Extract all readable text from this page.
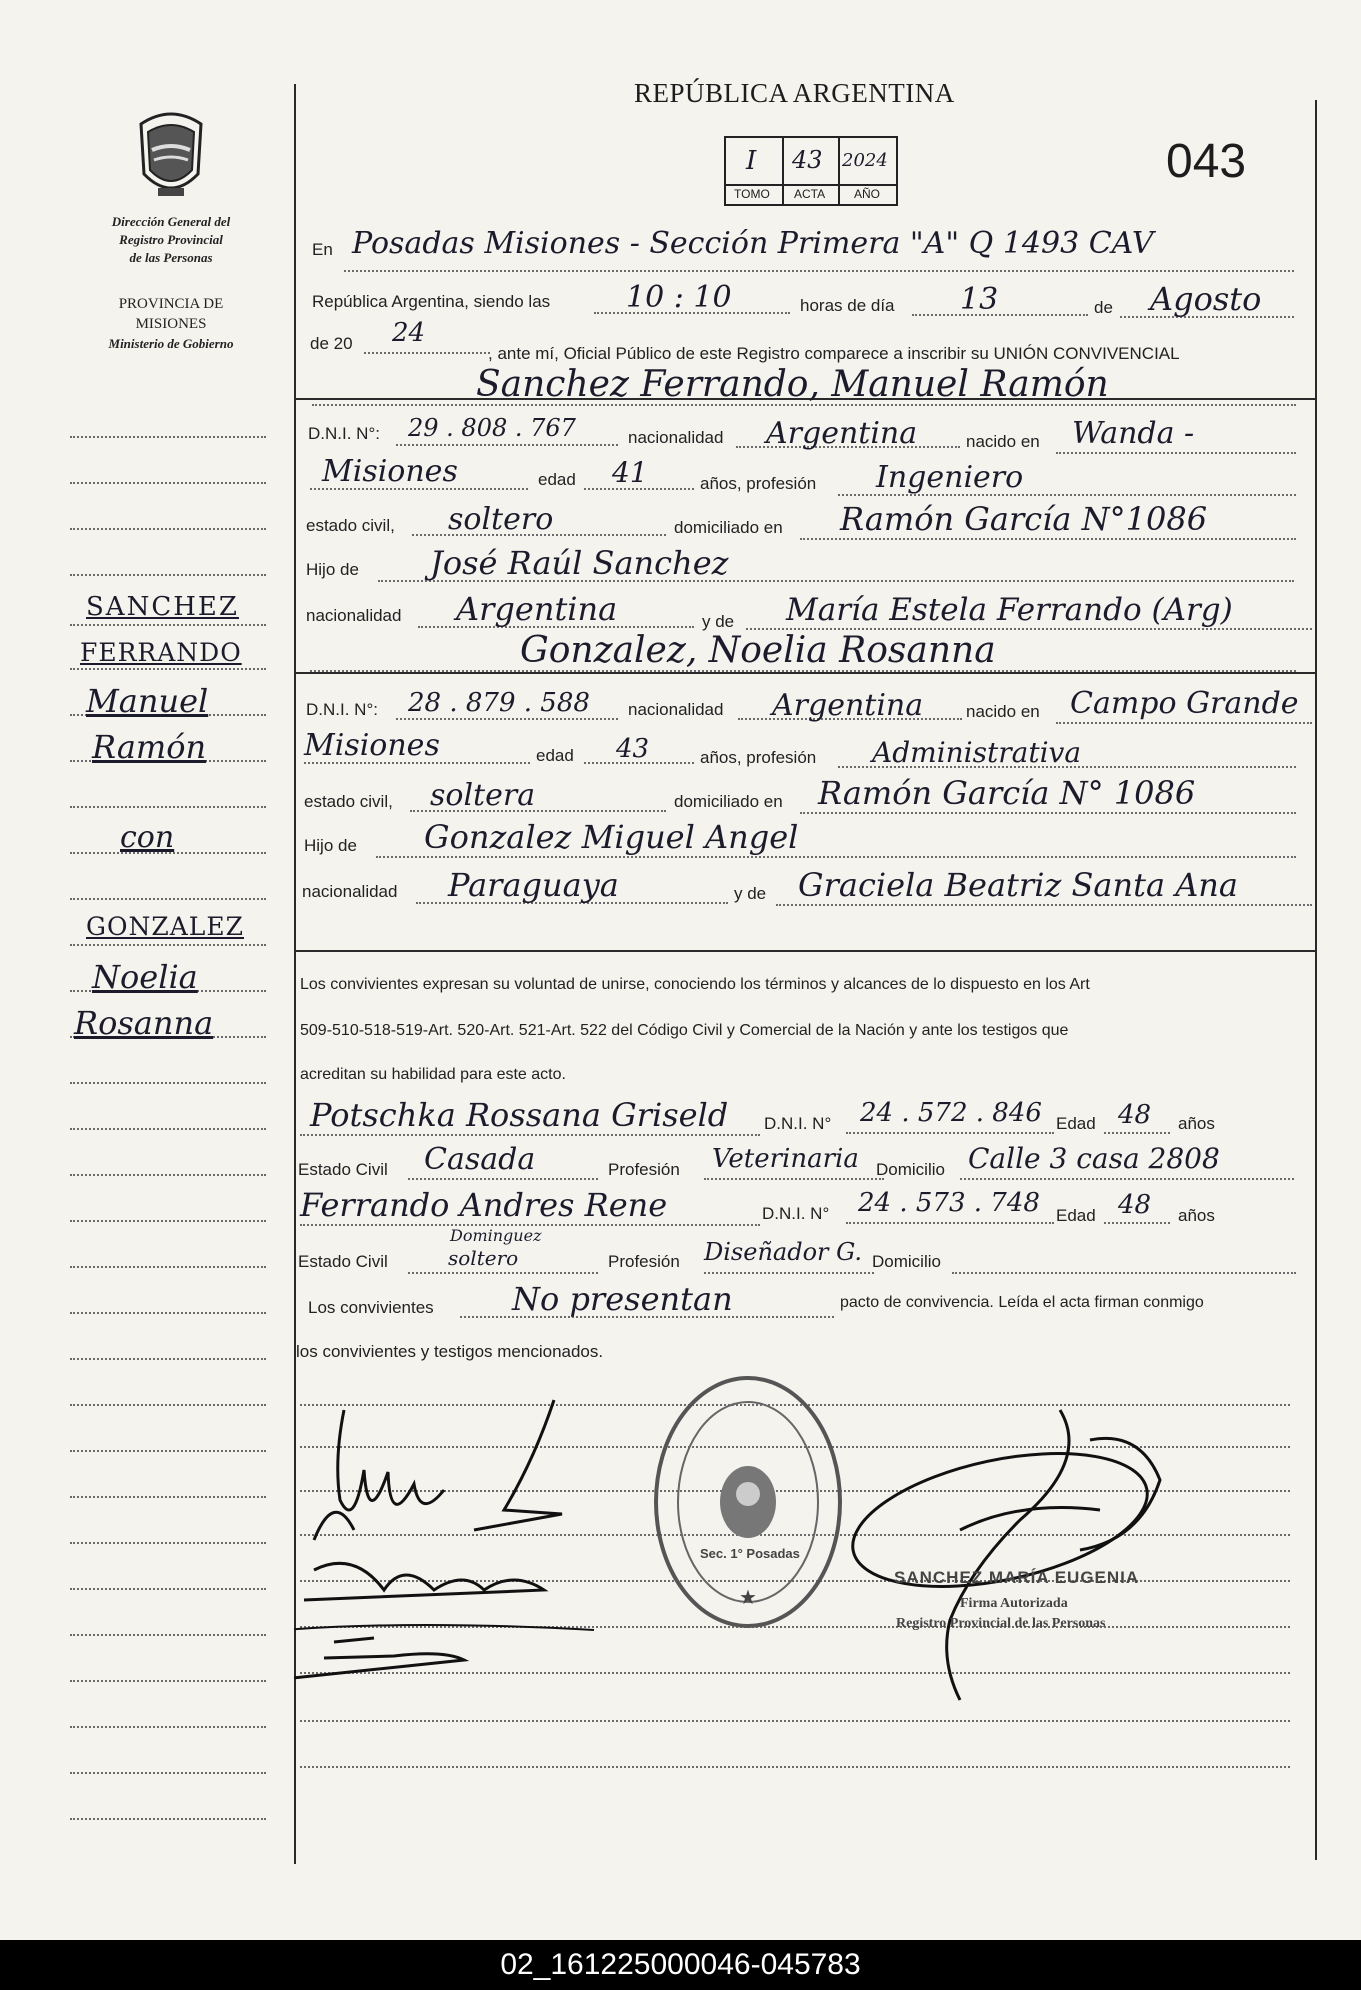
REPÚBLICA ARGENTINA
043
I 43 2024
TOMO ACTA AÑO
Dirección General del
Registro Provincial
de las Personas
PROVINCIA DE
MISIONES
Ministerio de Gobierno
SANCHEZ
FERRANDO
Manuel
Ramón
con
GONZALEZ
Noelia
Rosanna
En Posadas Misiones - Sección Primera "A" Q 1493 CAV
República Argentina, siendo las	10 : 10	horas de día 13	de Agosto
de 20 24
, ante mí, Oficial Público de este Registro comparece a inscribir su UNIÓN CONVIVENCIAL
Sanchez Ferrando, Manuel Ramón
D.N.I. N°: 29 . 808 . 767	nacionalidad Argentina	nacido en Wanda -
Misiones	edad 41	años, profesión Ingeniero
estado civil, soltero	domiciliado en Ramón García N°1086
Hijo de José Raúl Sanchez
nacionalidad Argentina	y de María Estela Ferrando (Arg)
Gonzalez, Noelia Rosanna
D.N.I. N°: 28 . 879 . 588 nacionalidad Argentina	nacido en Campo Grande
Misiones	edad 43	años, profesión Administrativa
estado civil, soltera	domiciliado en Ramón García N° 1086
Hijo de Gonzalez Miguel Angel
nacionalidad Paraguaya	y de Graciela Beatriz Santa Ana
Los convivientes expresan su voluntad de unirse, conociendo los términos y alcances de lo dispuesto en los Art
509-510-518-519-Art. 520-Art. 521-Art. 522 del Código Civil y Comercial de la Nación y ante los testigos que
acreditan su habilidad para este acto.
Potschka Rossana Griseld D.N.I. N° 24 . 572 . 846 Edad 48 años
Estado Civil Casada	Profesión Veterinaria Domicilio Calle 3 casa 2808
Ferrando Andres Rene	D.N.I. N° 24 . 573 . 748 Edad 48 años
Estado Civil
Dominguez
soltero	Profesión Diseñador G. Domicilio
Los convivientes No presentan	pacto de convivencia. Leída el acta firman conmigo
los convivientes y testigos mencionados.
★
Sec. 1° Posadas
SANCHEZ MARÍA EUGENIA
Firma Autorizada
Registro Provincial de las Personas
02_161225000046-045783
